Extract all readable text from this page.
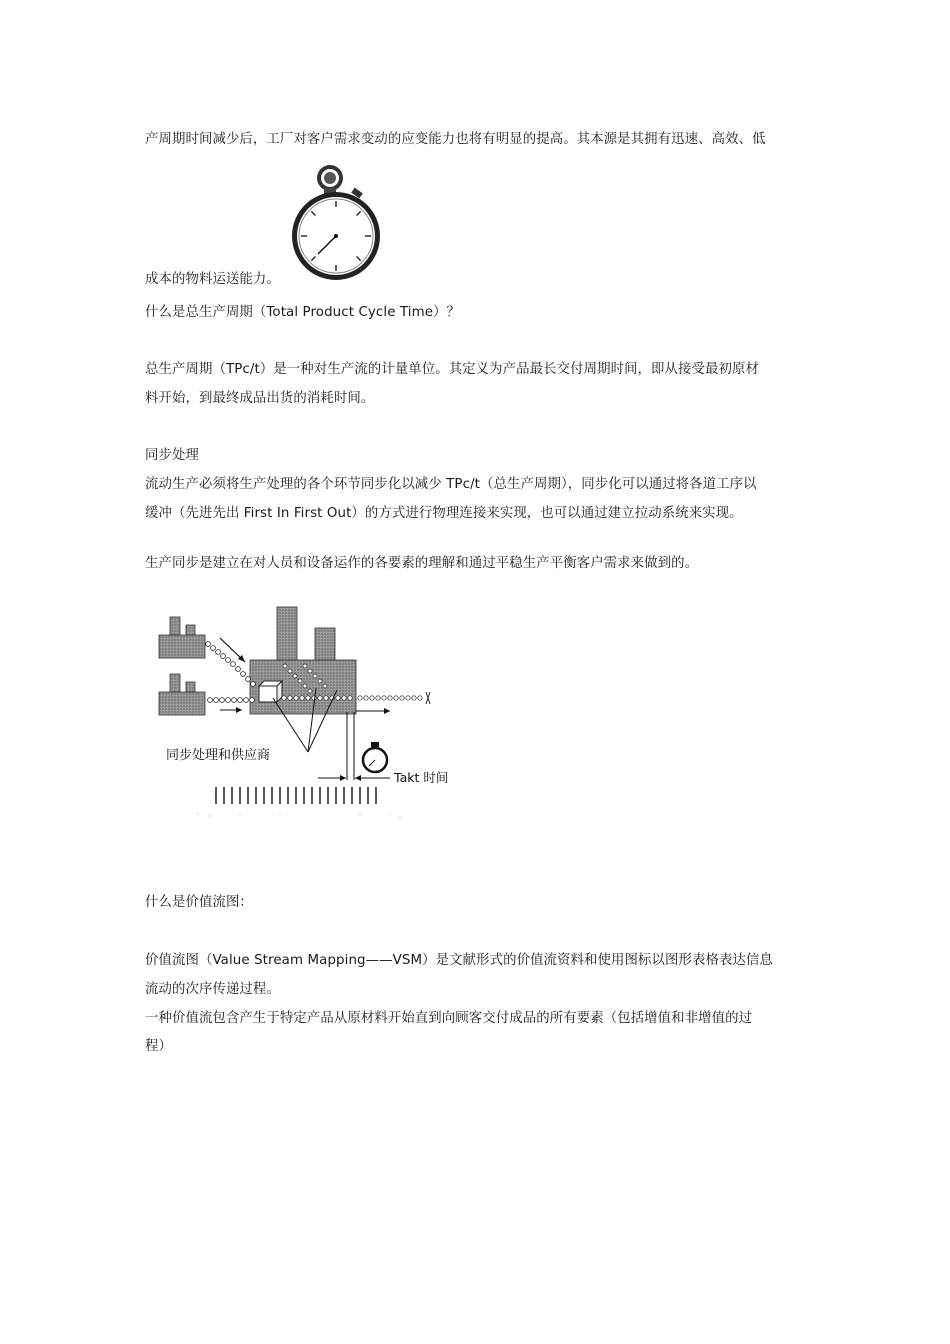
产周期时间减少后，工厂对客户需求变动的应变能力也将有明显的提高。其本源是其拥有迅速、高效、低
成本的物料运送能力。
什么是总生产周期（Total Product Cycle Time）？
总生产周期（TPc/t）是一种对生产流的计量单位。其定义为产品最长交付周期时间，即从接受最初原材
料开始，到最终成品出货的消耗时间。
同步处理
流动生产必须将生产处理的各个环节同步化以减少 TPc/t（总生产周期），同步化可以通过将各道工序以
缓冲（先进先出 First In First Out）的方式进行物理连接来实现，也可以通过建立拉动系统来实现。
生产同步是建立在对人员和设备运作的各要素的理解和通过平稳生产平衡客户需求来做到的。
同步处理和供应商
Takt 时间
什么是价值流图：
价值流图（Value Stream Mapping——VSM）是文献形式的价值流资料和使用图标以图形表格表达信息
流动的次序传递过程。
一种价值流包含产生于特定产品从原材料开始直到向顾客交付成品的所有要素（包括增值和非增值的过
程）
